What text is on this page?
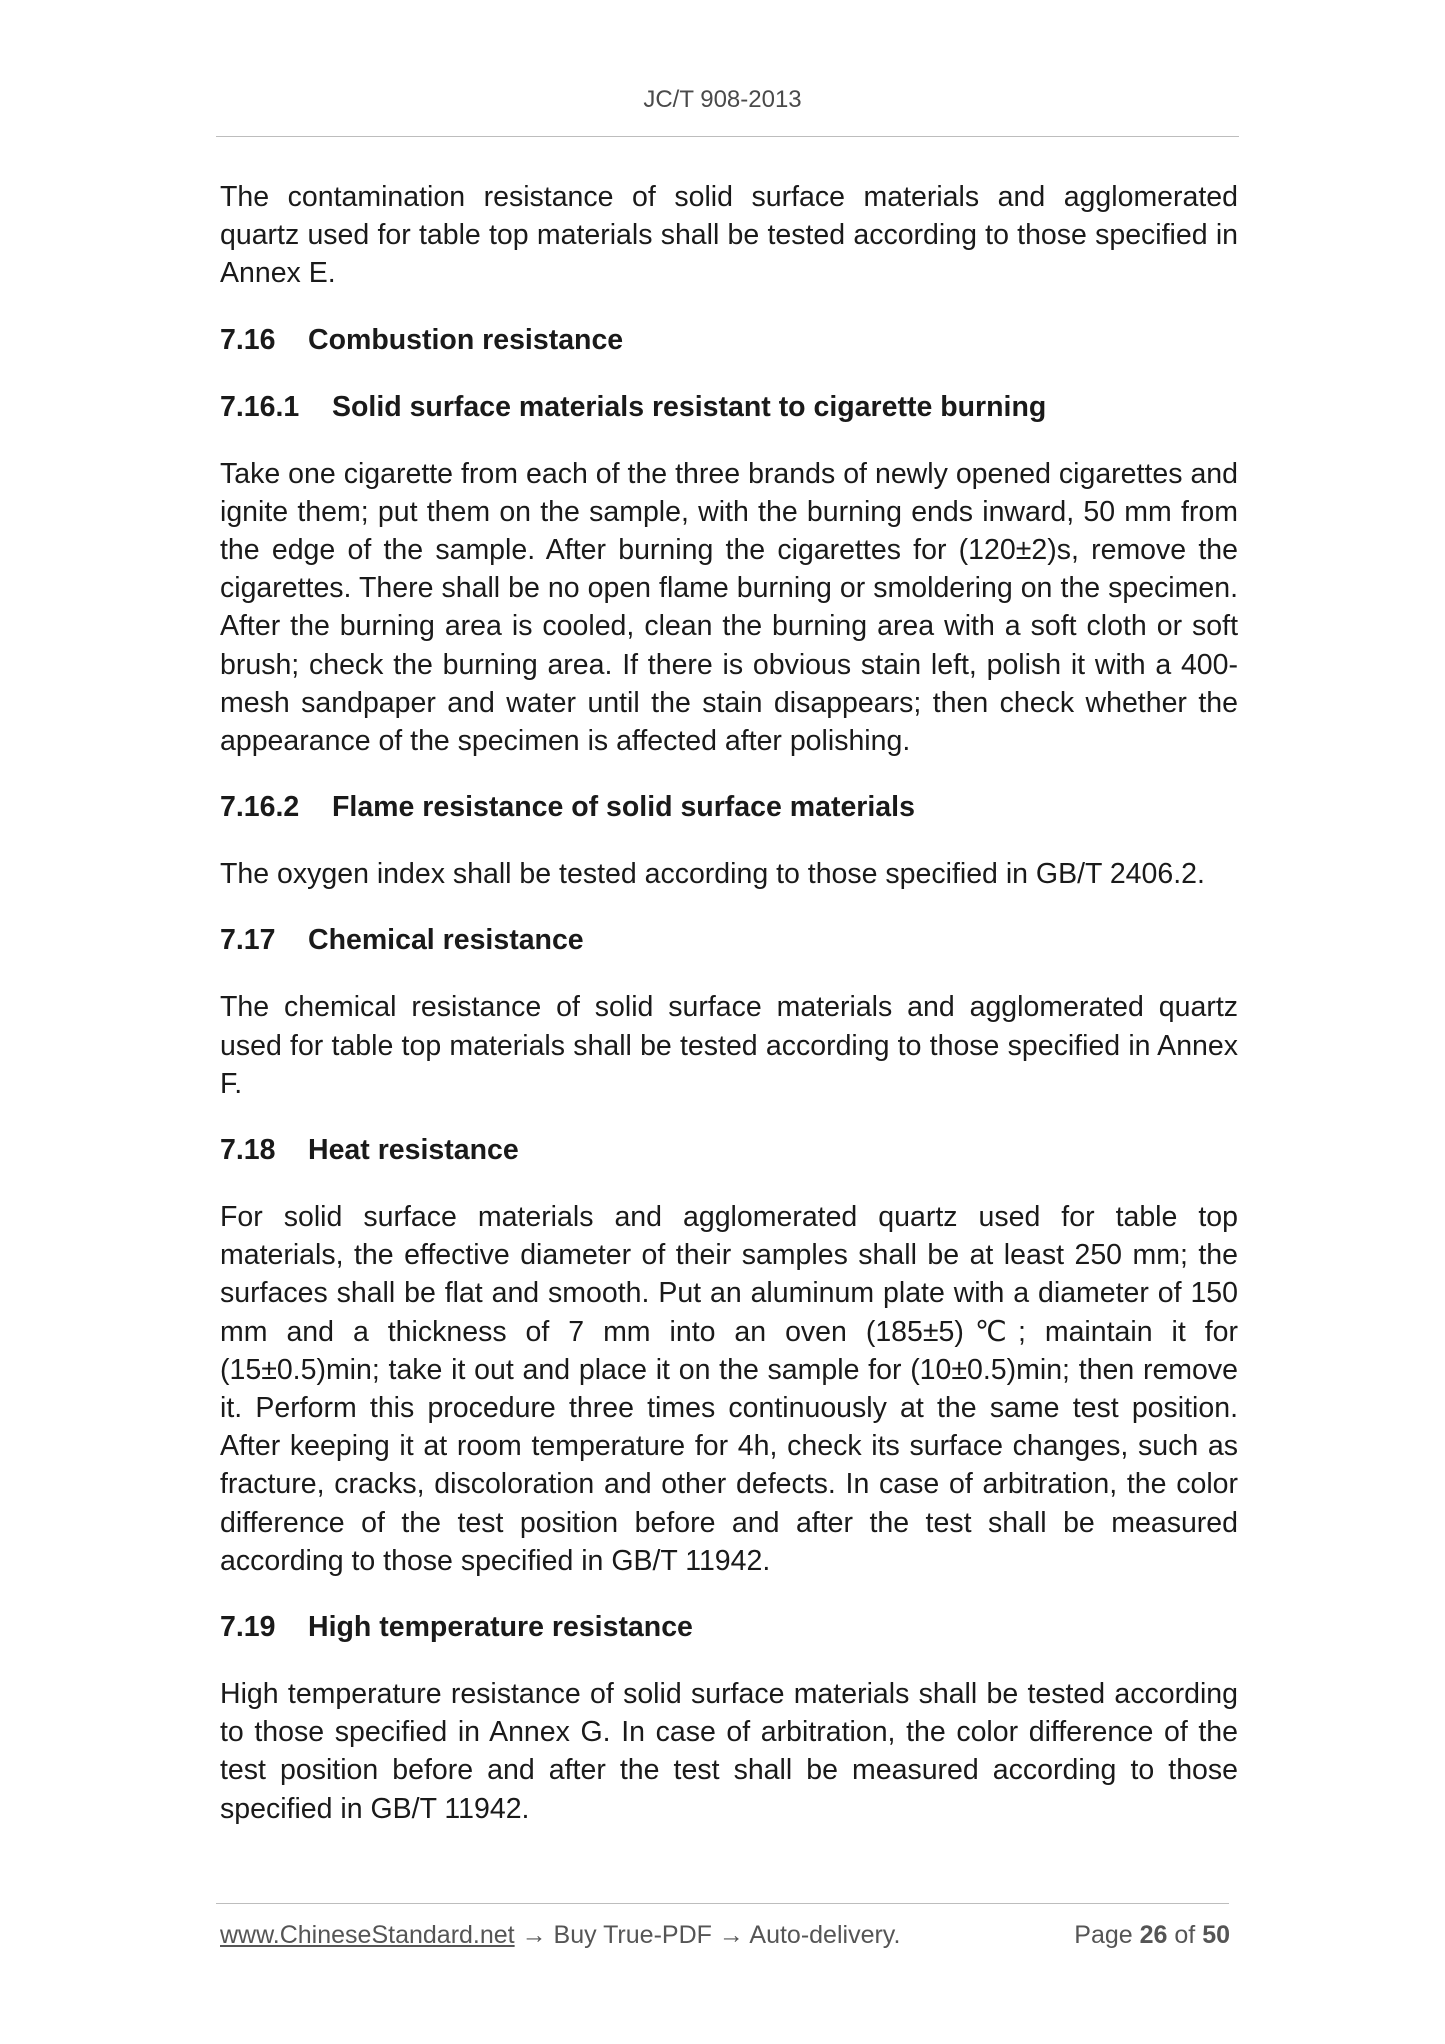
JC/T 908-2013

The contamination resistance of solid surface materials and agglomerated quartz used for table top materials shall be tested according to those specified in Annex E.

7.16 Combustion resistance
7.16.1 Solid surface materials resistant to cigarette burning

Take one cigarette from each of the three brands of newly opened cigarettes and ignite them; put them on the sample, with the burning ends inward, 50 mm from the edge of the sample. After burning the cigarettes for (120±2)s, remove the cigarettes. There shall be no open flame burning or smoldering on the specimen. After the burning area is cooled, clean the burning area with a soft cloth or soft brush; check the burning area. If there is obvious stain left, polish it with a 400-mesh sandpaper and water until the stain disappears; then check whether the appearance of the specimen is affected after polishing.

7.16.2 Flame resistance of solid surface materials

The oxygen index shall be tested according to those specified in GB/T 2406.2.

7.17 Chemical resistance

The chemical resistance of solid surface materials and agglomerated quartz used for table top materials shall be tested according to those specified in Annex F.

7.18 Heat resistance

For solid surface materials and agglomerated quartz used for table top materials, the effective diameter of their samples shall be at least 250 mm; the surfaces shall be flat and smooth. Put an aluminum plate with a diameter of 150 mm and a thickness of 7 mm into an oven (185±5)℃; maintain it for (15±0.5)min; take it out and place it on the sample for (10±0.5)min; then remove it. Perform this procedure three times continuously at the same test position. After keeping it at room temperature for 4h, check its surface changes, such as fracture, cracks, discoloration and other defects. In case of arbitration, the color difference of the test position before and after the test shall be measured according to those specified in GB/T 11942.

7.19 High temperature resistance

High temperature resistance of solid surface materials shall be tested according to those specified in Annex G. In case of arbitration, the color difference of the test position before and after the test shall be measured according to those specified in GB/T 11942.

www.ChineseStandard.net → Buy True-PDF → Auto-delivery.	Page 26 of 50
